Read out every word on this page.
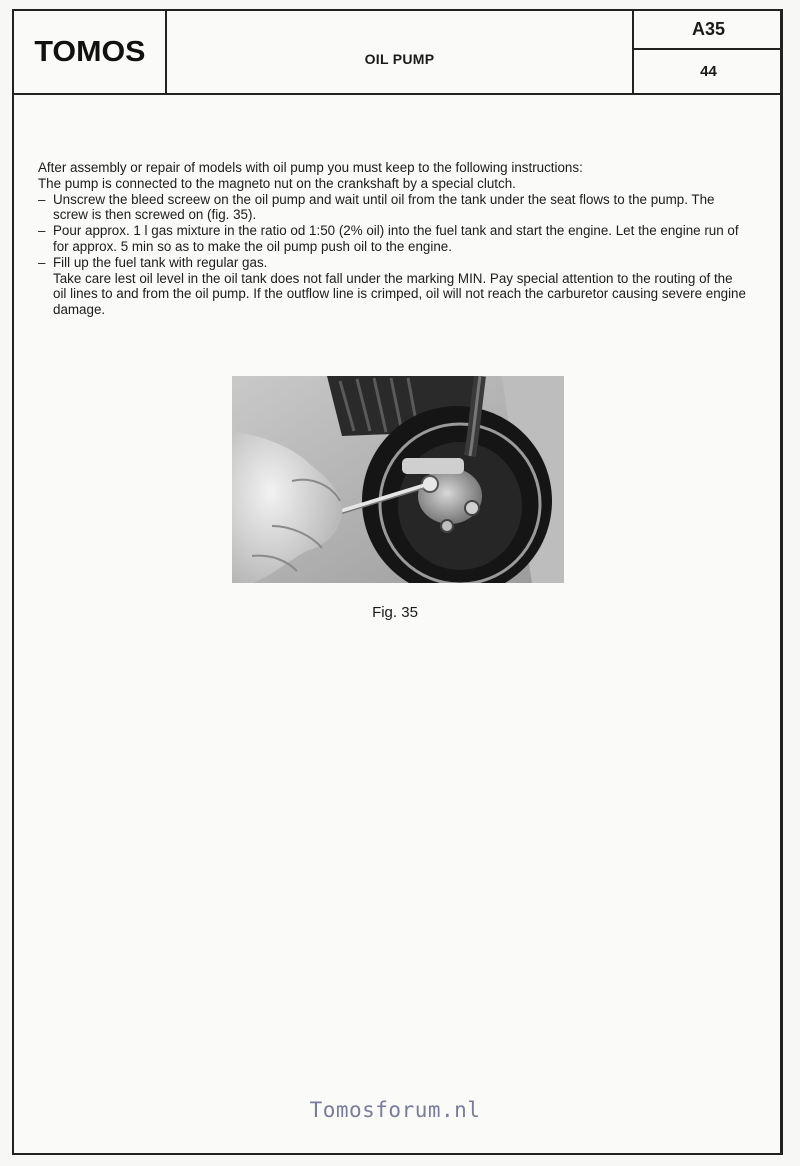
TOMOS	OIL PUMP
A35
44

After assembly or repair of models with oil pump you must keep to the following instructions:

The pump is connected to the magneto nut on the crankshaft by a special clutch.

– Unscrew the bleed screew on the oil pump and wait until oil from the tank under the seat flows to the pump. The screw is then screwed on (fig. 35).

– Pour approx. 1 l gas mixture in the ratio od 1:50 (2% oil) into the fuel tank and start the engine. Let the engine run of for approx. 5 min so as to make the oil pump push oil to the engine.

– Fill up the fuel tank with regular gas.

Take care lest oil level in the oil tank does not fall under the marking MIN. Pay special attention to the routing of the oil lines to and from the oil pump. If the outflow line is crimped, oil will not reach the carburetor causing severe engine damage.

Fig. 35
Tomosforum.nl
